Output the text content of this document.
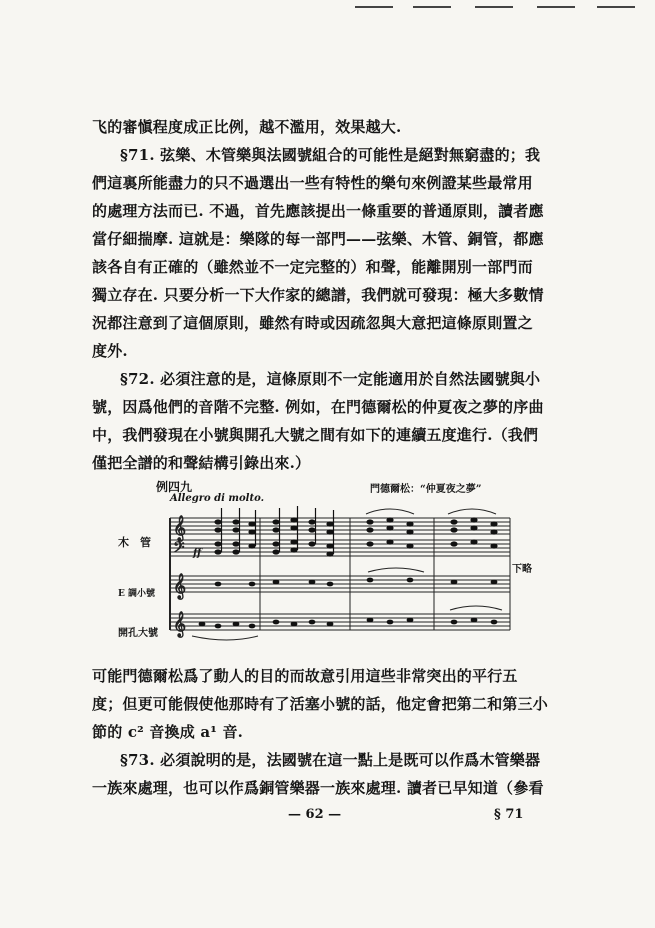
飞的審愼程度成正比例，越不濫用，效果越大.
§71. 弦樂、木管樂與法國號組合的可能性是絕對無窮盡的；我
們這裏所能盡力的只不過選出一些有特性的樂句來例證某些最常用
的處理方法而已. 不過，首先應該提出一條重要的普通原則，讀者應
當仔細揣摩. 這就是：樂隊的每一部門——弦樂、木管、銅管，都應
該各自有正確的（雖然並不一定完整的）和聲，能離開別一部門而
獨立存在. 只要分析一下大作家的總譜，我們就可發現：極大多數情
況都注意到了這個原則，雖然有時或因疏忽與大意把這條原則置之
度外.
§72. 必須注意的是，這條原則不一定能適用於自然法國號與小
號，因爲他們的音階不完整. 例如，在門德爾松的仲夏夜之夢的序曲
中，我們發現在小號與開孔大號之間有如下的連續五度進行.（我們
僅把全譜的和聲結構引錄出來.）
例四九
Allegro di molto.
門德爾松：“仲夏夜之夢”
木　管
E 調小號
開孔大號
ff
下略
𝄞
𝄢
𝄞
𝄞
可能門德爾松爲了動人的目的而故意引用這些非常突出的平行五
度；但更可能假使他那時有了活塞小號的話，他定會把第二和第三小
節的 c² 音換成 a¹ 音.
§73. 必須說明的是，法國號在這一點上是既可以作爲木管樂器
一族來處理，也可以作爲銅管樂器一族來處理. 讀者已早知道（參看
— 62 —	§ 71
